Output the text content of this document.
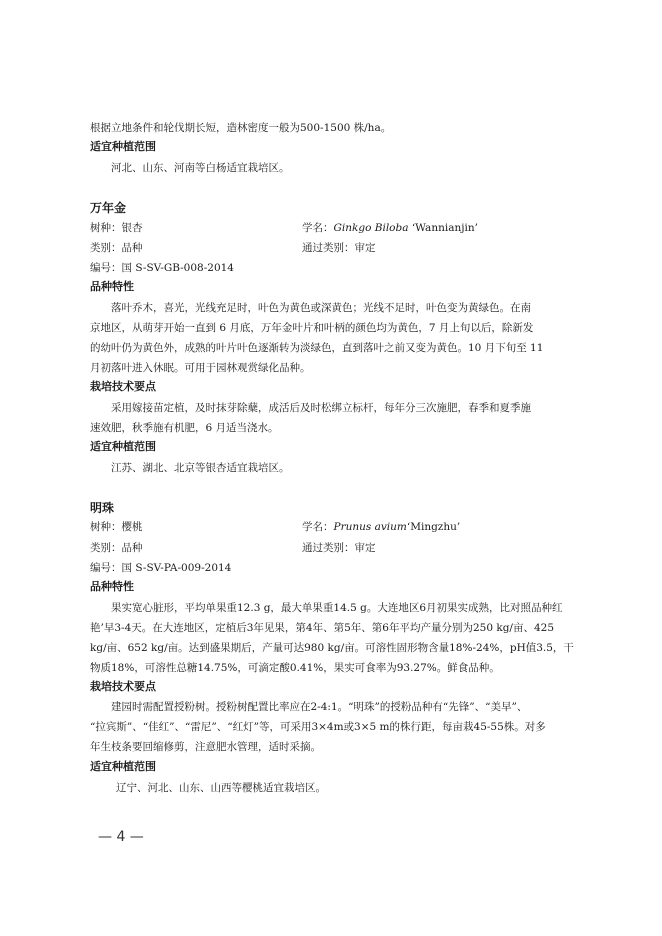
根据立地条件和轮伐期长短，造林密度一般为500-1500 株/ha。
适宜种植范围
河北、山东、河南等白杨适宜栽培区。
万年金
树种：银杏	学名：Ginkgo Biloba ‘Wannianjin’
类别：品种	通过类别：审定
编号：国 S-SV-GB-008-2014
品种特性
落叶乔木，喜光，光线充足时，叶色为黄色或深黄色；光线不足时，叶色变为黄绿色。在南
京地区，从萌芽开始一直到 6 月底，万年金叶片和叶柄的颜色均为黄色，7 月上旬以后，除新发
的幼叶仍为黄色外，成熟的叶片叶色逐渐转为淡绿色，直到落叶之前又变为黄色。10 月下旬至 11
月初落叶进入休眠。可用于园林观赏绿化品种。
栽培技术要点
采用嫁接苗定植，及时抹芽除蘖，成活后及时松绑立标杆，每年分三次施肥，春季和夏季施
速效肥，秋季施有机肥，6 月适当浇水。
适宜种植范围
江苏、湖北、北京等银杏适宜栽培区。
明珠
树种：樱桃	学名：Prunus avium‘Mingzhu’
类别：品种	通过类别：审定
编号：国 S-SV-PA-009-2014
品种特性
果实宽心脏形，平均单果重12.3 g，最大单果重14.5 g。大连地区6月初果实成熟，比对照品种红
艳’早3-4天。在大连地区，定植后3年见果，第4年、第5年、第6年平均产量分别为250 kg/亩、425
kg/亩、652 kg/亩。达到盛果期后，产量可达980 kg/亩。可溶性固形物含量18%-24%，pH值3.5，干
物质18%，可溶性总糖14.75%，可滴定酸0.41%，果实可食率为93.27%。鲜食品种。
栽培技术要点
建园时需配置授粉树。授粉树配置比率应在2-4:1。“明珠”的授粉品种有“先锋”、“美早”、
“拉宾斯”、“佳红”、“雷尼”、“红灯”等，可采用3×4m或3×5 m的株行距，每亩栽45-55株。对多
年生枝条要回缩修剪，注意肥水管理，适时采摘。
适宜种植范围
辽宁、河北、山东、山西等樱桃适宜栽培区。
— 4 —
